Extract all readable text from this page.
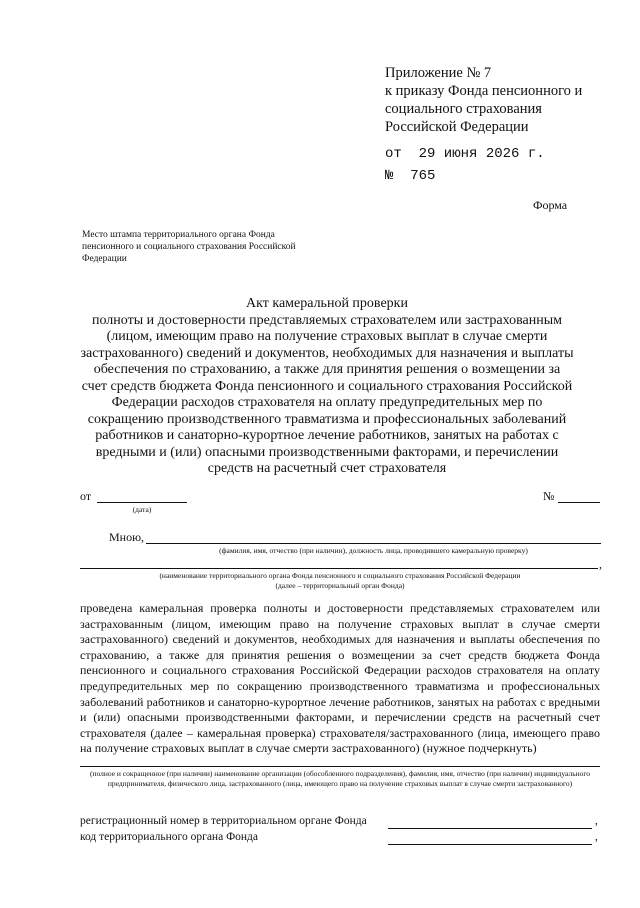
Приложение № 7
к приказу Фонда пенсионного и
социального страхования
Российской Федерации
от  29 июня 2026 г.
№  765
Форма
Место штампа территориального органа Фонда пенсионного и социального страхования Российской Федерации
Акт камеральной проверки
полноты и достоверности представляемых страхователем или застрахованным (лицом, имеющим право на получение страховых выплат в случае смерти застрахованного) сведений и документов, необходимых для назначения и выплаты обеспечения по страхованию, а также для принятия решения о возмещении за счет средств бюджета Фонда пенсионного и социального страхования Российской Федерации расходов страхователя на оплату предупредительных мер по сокращению производственного травматизма и профессиональных заболеваний работников и санаторно-курортное лечение работников, занятых на работах с вредными и (или) опасными производственными факторами, и перечислении средств на расчетный счет страхователя
от
(дата)
№
Мною,
(фамилия, имя, отчество (при наличии), должность лица, проводившего камеральную проверку)
,
(наименование территориального органа Фонда пенсионного и социального страхования Российской Федерации
(далее – территориальный орган Фонда)
проведена камеральная проверка полноты и достоверности представляемых страхователем или застрахованным (лицом, имеющим право на получение страховых выплат в случае смерти застрахованного) сведений и документов, необходимых для назначения и выплаты обеспечения по страхованию, а также для принятия решения о возмещении за счет средств бюджета Фонда пенсионного и социального страхования Российской Федерации расходов страхователя на оплату предупредительных мер по сокращению производственного травматизма и профессиональных заболеваний работников и санаторно-курортное лечение работников, занятых на работах с вредными и (или) опасными производственными факторами, и перечислении средств на расчетный счет страхователя (далее – камеральная проверка) страхователя/застрахованного (лица, имеющего право на получение страховых выплат в случае смерти застрахованного) (нужное подчеркнуть)
(полное и сокращенное (при наличии) наименование организации (обособленного подразделения), фамилия, имя, отчество (при наличии) индивидуального предпринимателя, физического лица, застрахованного (лица, имеющего право на получение страховых выплат в случае смерти застрахованного)
регистрационный номер в территориальном органе Фонда	,
код территориального органа Фонда	,
